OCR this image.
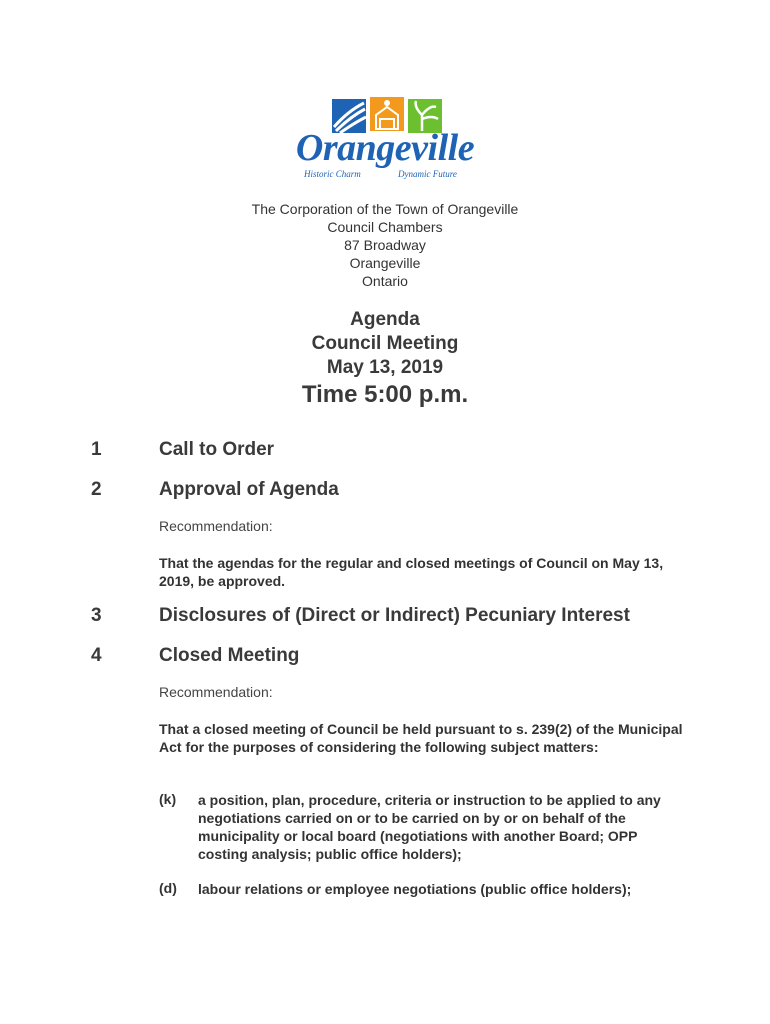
Orangeville
Historic Charm	Dynamic Future
The Corporation of the Town of Orangeville
Council Chambers
87 Broadway
Orangeville
Ontario
Agenda
Council Meeting
May 13, 2019
Time 5:00 p.m.
1	Call to Order
2	Approval of Agenda
Recommendation:
That the agendas for the regular and closed meetings of Council on May 13, 2019, be approved.
3	Disclosures of (Direct or Indirect) Pecuniary Interest
4	Closed Meeting
Recommendation:
That a closed meeting of Council be held pursuant to s. 239(2) of the Municipal Act for the purposes of considering the following subject matters:
(k) a position, plan, procedure, criteria or instruction to be applied to any negotiations carried on or to be carried on by or on behalf of the municipality or local board (negotiations with another Board; OPP costing analysis; public office holders);
(d) labour relations or employee negotiations (public office holders);
